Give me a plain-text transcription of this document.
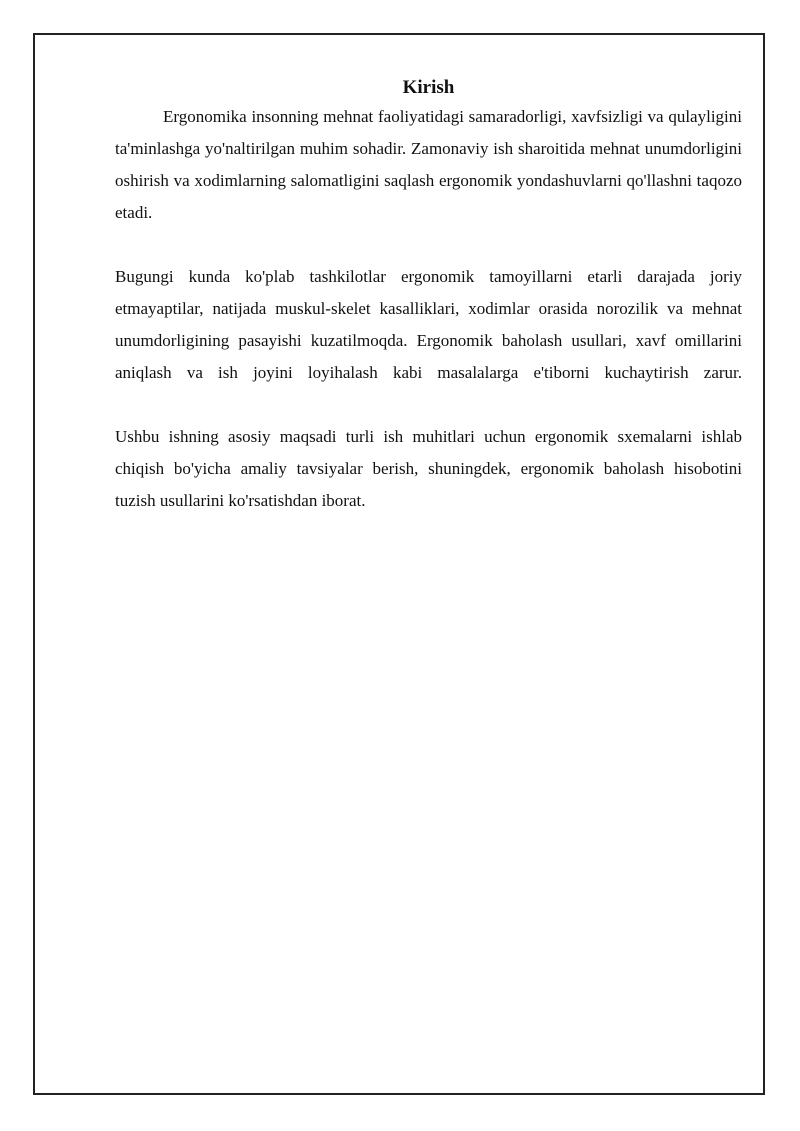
Kirish

Ergonomika insonning mehnat faoliyatidagi samaradorligi, xavfsizligi va qulayligini ta'minlashga yo'naltirilgan muhim sohadir. Zamonaviy ish sharoitida mehnat unumdorligini oshirish va xodimlarning salomatligini saqlash ergonomik yondashuvlarni qo'llashni taqozo etadi.

Bugungi kunda ko'plab tashkilotlar ergonomik tamoyillarni etarli darajada joriy etmayaptilar, natijada muskul-skelet kasalliklari, xodimlar orasida norozilik va mehnat unumdorligining pasayishi kuzatilmoqda. Ergonomik baholash usullari, xavf omillarini aniqlash va ish joyini loyihalash kabi masalalarga e'tiborni kuchaytirish zarur.

Ushbu ishning asosiy maqsadi turli ish muhitlari uchun ergonomik sxemalarni ishlab chiqish bo'yicha amaliy tavsiyalar berish, shuningdek, ergonomik baholash hisobotini tuzish usullarini ko'rsatishdan iborat.
